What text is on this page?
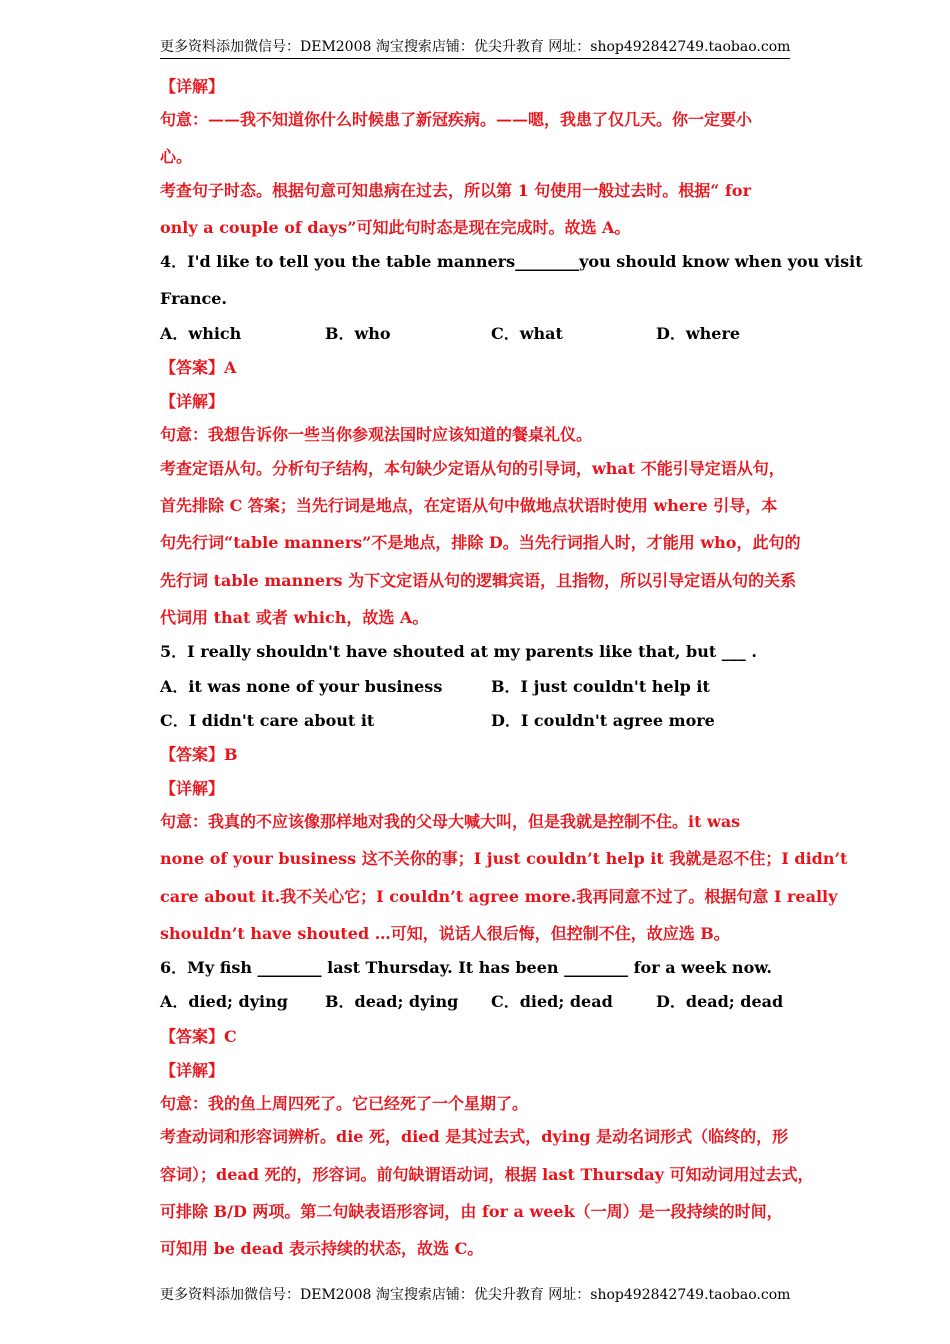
更多资料添加微信号：DEM2008 淘宝搜索店铺：优尖升教育 网址：shop492842749.taobao.com
【详解】
句意：——我不知道你什么时候患了新冠疾病。——嗯，我患了仅几天。你一定要小
心。
考查句子时态。根据句意可知患病在过去，所以第 1 句使用一般过去时。根据“ for
only a couple of days”可知此句时态是现在完成时。故选 A。
4．I'd like to tell you the table manners________you should know when you visit
France.
A．which	B．who	C．what	D．where
【答案】A
【详解】
句意：我想告诉你一些当你参观法国时应该知道的餐桌礼仪。
考查定语从句。分析句子结构，本句缺少定语从句的引导词，what 不能引导定语从句，
首先排除 C 答案；当先行词是地点，在定语从句中做地点状语时使用 where 引导，本
句先行词“table manners”不是地点，排除 D。当先行词指人时，才能用 who，此句的
先行词 table manners 为下文定语从句的逻辑宾语，且指物，所以引导定语从句的关系
代词用 that 或者 which，故选 A。
5．I really shouldn't have shouted at my parents like that, but ___ .
A．it was none of your business	B．I just couldn't help it
C．I didn't care about it	D．I couldn't agree more
【答案】B
【详解】
句意：我真的不应该像那样地对我的父母大喊大叫，但是我就是控制不住。it was
none of your business 这不关你的事；I just couldn’t help it 我就是忍不住；I didn’t
care about it.我不关心它；I couldn’t agree more.我再同意不过了。根据句意 I really
shouldn’t have shouted …可知，说话人很后悔，但控制不住，故应选 B。
6．My fish ________ last Thursday. It has been ________ for a week now.
A．died; dying B．dead; dying C．died; dead	D．dead; dead
【答案】C
【详解】
句意：我的鱼上周四死了。它已经死了一个星期了。
考查动词和形容词辨析。die 死，died 是其过去式，dying 是动名词形式（临终的，形
容词）；dead 死的，形容词。前句缺谓语动词，根据 last Thursday 可知动词用过去式，
可排除 B/D 两项。第二句缺表语形容词，由 for a week（一周）是一段持续的时间，
可知用 be dead 表示持续的状态，故选 C。
更多资料添加微信号：DEM2008 淘宝搜索店铺：优尖升教育 网址：shop492842749.taobao.com
